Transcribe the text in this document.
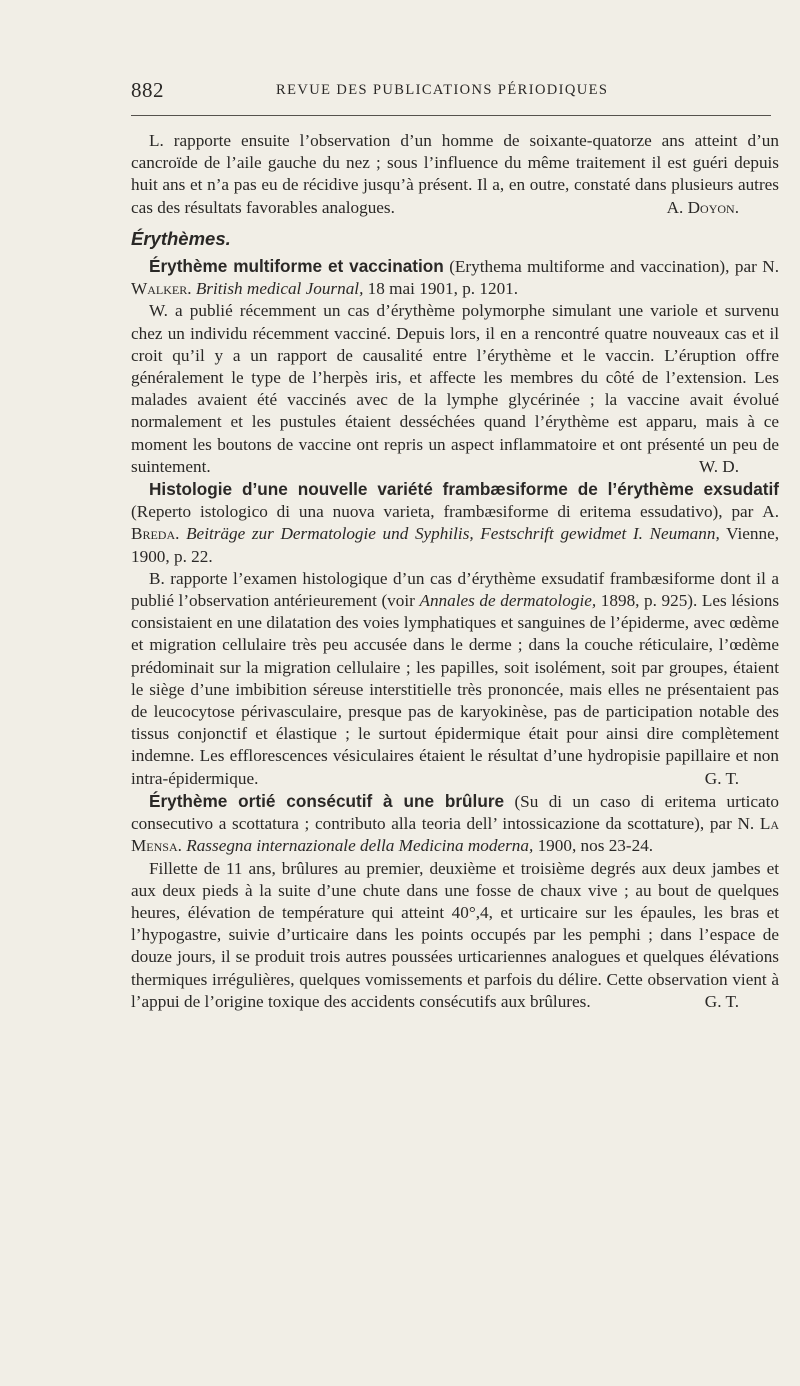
882	REVUE DES PUBLICATIONS PÉRIODIQUES

L. rapporte ensuite l’observation d’un homme de soixante-quatorze ans atteint d’un cancroïde de l’aile gauche du nez ; sous l’influence du même traitement il est guéri depuis huit ans et n’a pas eu de récidive jusqu’à présent. Il a, en outre, constaté dans plusieurs autres cas des résultats favorables analogues.	A. Doyon.

Érythèmes.

Érythème multiforme et vaccination (Erythema multiforme and vaccination), par N. Walker. British medical Journal, 18 mai 1901, p. 1201.

W. a publié récemment un cas d’érythème polymorphe simulant une variole et survenu chez un individu récemment vacciné. Depuis lors, il en a rencontré quatre nouveaux cas et il croit qu’il y a un rapport de causalité entre l’érythème et le vaccin. L’éruption offre généralement le type de l’herpès iris, et affecte les membres du côté de l’extension. Les malades avaient été vaccinés avec de la lymphe glycérinée ; la vaccine avait évolué normalement et les pustules étaient desséchées quand l’érythème est apparu, mais à ce moment les boutons de vaccine ont repris un aspect inflammatoire et ont présenté un peu de suintement.	W. D.

Histologie d’une nouvelle variété frambæsiforme de l’érythème exsudatif (Reperto istologico di una nuova varieta, frambæsiforme di eritema essudativo), par A. Breda. Beiträge zur Dermatologie und Syphilis, Festschrift gewidmet I. Neumann, Vienne, 1900, p. 22.

B. rapporte l’examen histologique d’un cas d’érythème exsudatif frambæsiforme dont il a publié l’observation antérieurement (voir Annales de dermatologie, 1898, p. 925). Les lésions consistaient en une dilatation des voies lymphatiques et sanguines de l’épiderme, avec œdème et migration cellulaire très peu accusée dans le derme ; dans la couche réticulaire, l’œdème prédominait sur la migration cellulaire ; les papilles, soit isolément, soit par groupes, étaient le siège d’une imbibition séreuse interstitielle très prononcée, mais elles ne présentaient pas de leucocytose périvasculaire, presque pas de karyokinèse, pas de participation notable des tissus conjonctif et élastique ; le surtout épidermique était pour ainsi dire complètement indemne. Les efflorescences vésiculaires étaient le résultat d’une hydropisie papillaire et non intra-épidermique.	G. T.

Érythème ortié consécutif à une brûlure (Su di un caso di eritema urticato consecutivo a scottatura ; contributo alla teoria dell’ intossicazione da scottature), par N. La Mensa. Rassegna internazionale della Medicina moderna, 1900, nos 23-24.

Fillette de 11 ans, brûlures au premier, deuxième et troisième degrés aux deux jambes et aux deux pieds à la suite d’une chute dans une fosse de chaux vive ; au bout de quelques heures, élévation de température qui atteint 40°,4, et urticaire sur les épaules, les bras et l’hypogastre, suivie d’urticaire dans les points occupés par les pemphi ; dans l’espace de douze jours, il se produit trois autres poussées urticariennes analogues et quelques élévations thermiques irrégulières, quelques vomissements et parfois du délire. Cette observation vient à l’appui de l’origine toxique des accidents consécutifs aux brûlures.	G. T.
